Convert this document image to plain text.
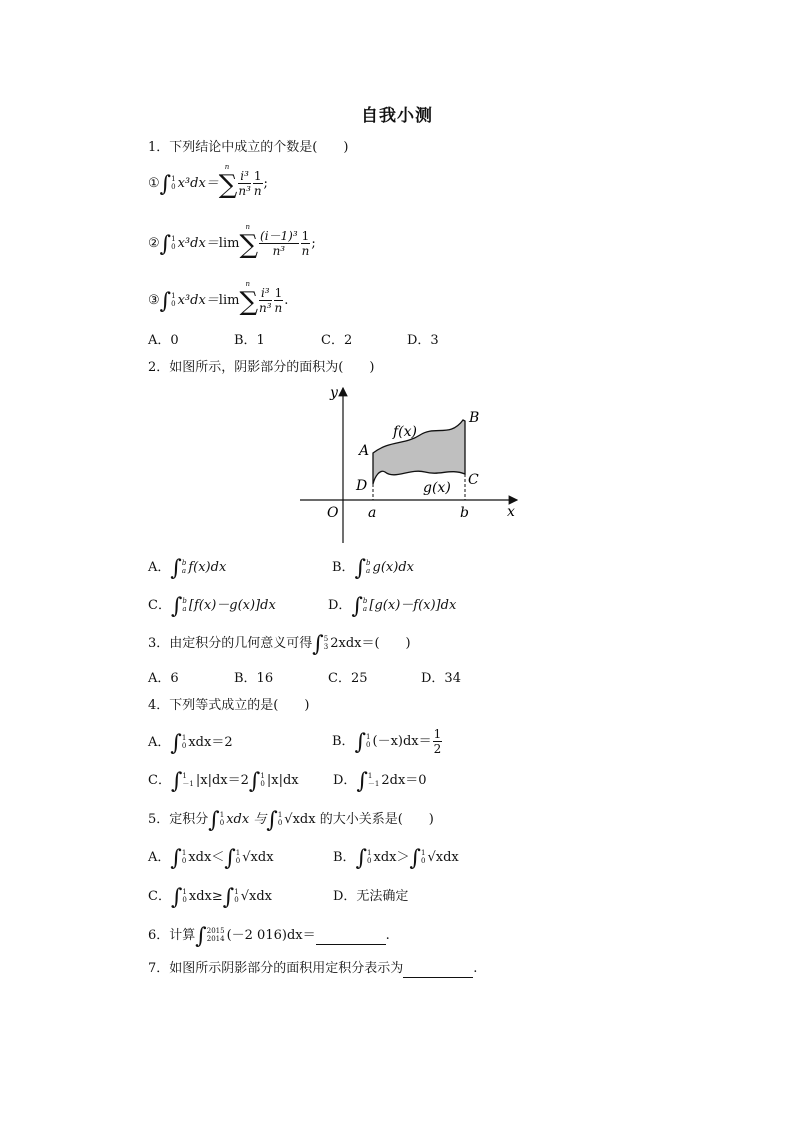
自我小测
1．下列结论中成立的个数是(　　)
①∫1
0 x³dx＝∑
n
$\frac{\text{i³}}{\text{n³}} \frac{1}{n}$ ;
②∫1
0 x³dx＝lim∑
n
$\frac{\text{(i－1)³}}{\text{n³}} \frac{1}{n}$ ;
③∫1
0 x³dx＝lim∑
n
$\frac{\text{i³}}{\text{n³}} \frac{1}{n}$ .
A．0	B．1	C．2	D．3
2．如图所示，阴影部分的面积为(　　)
y
x
O a	b
A
B
C
D
f(x)
g(x)
A．∫b
a f(x)dx	B．∫b
a g(x)dx
C．∫b
a [f(x)－g(x)]dx	D．∫b
a [g(x)－f(x)]dx
3．由定积分的几何意义可得∫5
3 2xdx＝(　　)
A．6	B．16	C．25	D．34
4．下列等式成立的是(　　)
A．∫1
0 xdx＝2	B．∫1
0 $(-x)dx= \frac{1}{2}$
C．∫1
－1 |x|dx＝2∫1
0 |x|dx	D．∫1
－1 2dx＝0
5．定积分∫1
0 xdx 与∫1
0 √xdx 的大小关系是(　　)
A．∫1
0 xdx＜∫1
0 √xdx	B．∫1
0 xdx＞∫1
0 √xdx
C．∫1
0 xdx≥∫1
0 √xdx	D．无法确定
6．计算∫2015
2014 (－2 016)dx＝	.
7．如图所示阴影部分的面积用定积分表示为	.
